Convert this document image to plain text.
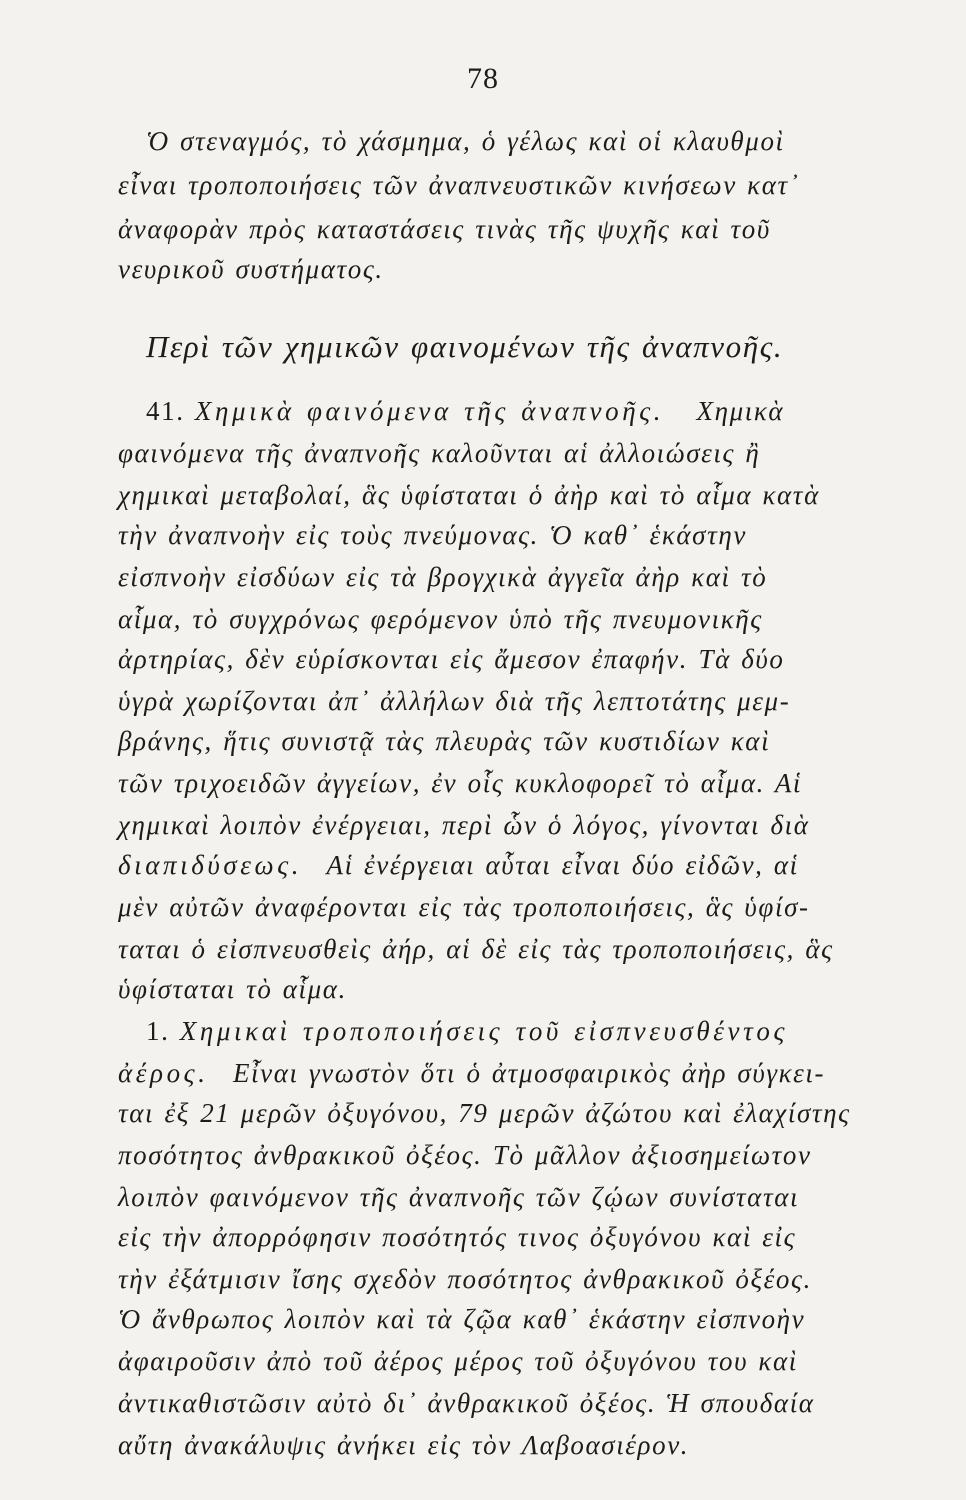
78
Ὁ στεναγμός, τὸ χάσμημα, ὁ γέλως καὶ οἱ κλαυθμοὶ
εἶναι τροποποιήσεις τῶν ἀναπνευστικῶν κινήσεων κατ᾽
ἀναφορὰν πρὸς καταστάσεις τινὰς τῆς ψυχῆς καὶ τοῦ
νευρικοῦ συστήματος.
Περὶ τῶν χημικῶν φαινομένων τῆς ἀναπνοῆς.
41. Χημικὰ φαινόμενα τῆς ἀναπνοῆς. Χημικὰ
φαινόμενα τῆς ἀναπνοῆς καλοῦνται αἱ ἀλλοιώσεις ἢ
χημικαὶ μεταβολαί, ἃς ὑφίσταται ὁ ἀὴρ καὶ τὸ αἷμα κατὰ
τὴν ἀναπνοὴν εἰς τοὺς πνεύμονας. Ὁ καθ᾽ ἑκάστην
εἰσπνοὴν εἰσδύων εἰς τὰ βρογχικὰ ἀγγεῖα ἀὴρ καὶ τὸ
αἷμα, τὸ συγχρόνως φερόμενον ὑπὸ τῆς πνευμονικῆς
ἀρτηρίας, δὲν εὑρίσκονται εἰς ἄμεσον ἐπαφήν. Τὰ δύο
ὑγρὰ χωρίζονται ἀπ᾽ ἀλλήλων διὰ τῆς λεπτοτάτης μεμ-
βράνης, ἥτις συνιστᾷ τὰς πλευρὰς τῶν κυστιδίων καὶ
τῶν τριχοειδῶν ἀγγείων, ἐν οἷς κυκλοφορεῖ τὸ αἷμα. Αἱ
χημικαὶ λοιπὸν ἐνέργειαι, περὶ ὧν ὁ λόγος, γίνονται διὰ
διαπιδύσεως. Αἱ ἐνέργειαι αὗται εἶναι δύο εἰδῶν, αἱ
μὲν αὐτῶν ἀναφέρονται εἰς τὰς τροποποιήσεις, ἃς ὑφίσ-
ταται ὁ εἰσπνευσθεὶς ἀήρ, αἱ δὲ εἰς τὰς τροποποιήσεις, ἃς
ὑφίσταται τὸ αἷμα.
1. Χημικαὶ τροποποιήσεις τοῦ εἰσπνευσθέντος
ἀέρος. Εἶναι γνωστὸν ὅτι ὁ ἀτμοσφαιρικὸς ἀὴρ σύγκει-
ται ἐξ 21 μερῶν ὀξυγόνου, 79 μερῶν ἀζώτου καὶ ἐλαχίστης
ποσότητος ἀνθρακικοῦ ὀξέος. Τὸ μᾶλλον ἀξιοσημείωτον
λοιπὸν φαινόμενον τῆς ἀναπνοῆς τῶν ζῴων συνίσταται
εἰς τὴν ἀπορρόφησιν ποσότητός τινος ὀξυγόνου καὶ εἰς
τὴν ἐξάτμισιν ἴσης σχεδὸν ποσότητος ἀνθρακικοῦ ὀξέος.
Ὁ ἄνθρωπος λοιπὸν καὶ τὰ ζῷα καθ᾽ ἑκάστην εἰσπνοὴν
ἀφαιροῦσιν ἀπὸ τοῦ ἀέρος μέρος τοῦ ὀξυγόνου του καὶ
ἀντικαθιστῶσιν αὐτὸ δι᾽ ἀνθρακικοῦ ὀξέος. Ἡ σπουδαία
αὔτη ἀνακάλυψις ἀνήκει εἰς τὸν Λαβοασιέρον.
